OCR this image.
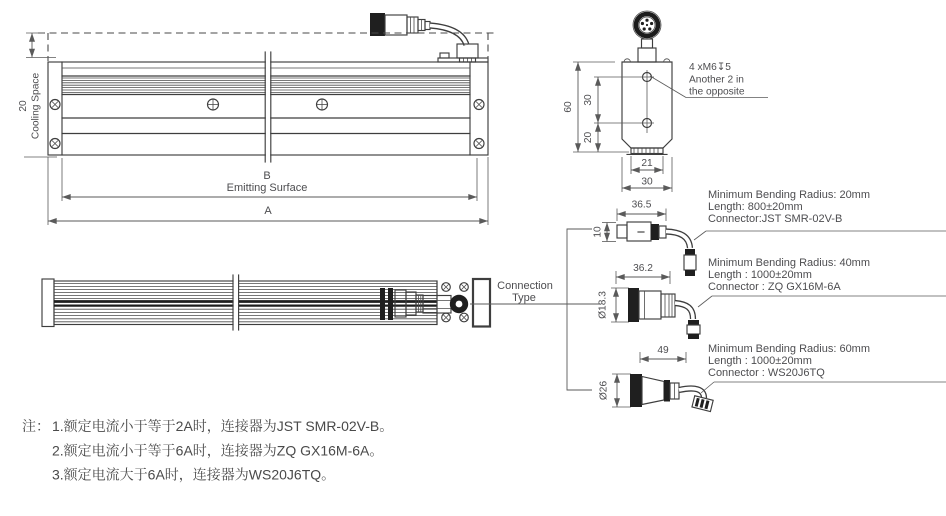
20 Cooling Space
B
Emitting Surface
A
60
30
20
21
30
4 xM6↧5
Another 2 in
the opposite
Connection
Type
36.5
10
Minimum Bending Radius: 20mm
Length: 800±20mm
Connector:JST SMR-02V-B
36.2
Ø18.3
Minimum Bending Radius: 40mm
Length : 1000±20mm
Connector : ZQ GX16M-6A
49
Ø26
Minimum Bending Radius: 60mm
Length : 1000±20mm
Connector : WS20J6TQ
注： 1.额定电流小于等于2A时，连接器为JST SMR-02V-B。
2.额定电流小于等于6A时，连接器为ZQ GX16M-6A。
3.额定电流大于6A时，连接器为WS20J6TQ。
